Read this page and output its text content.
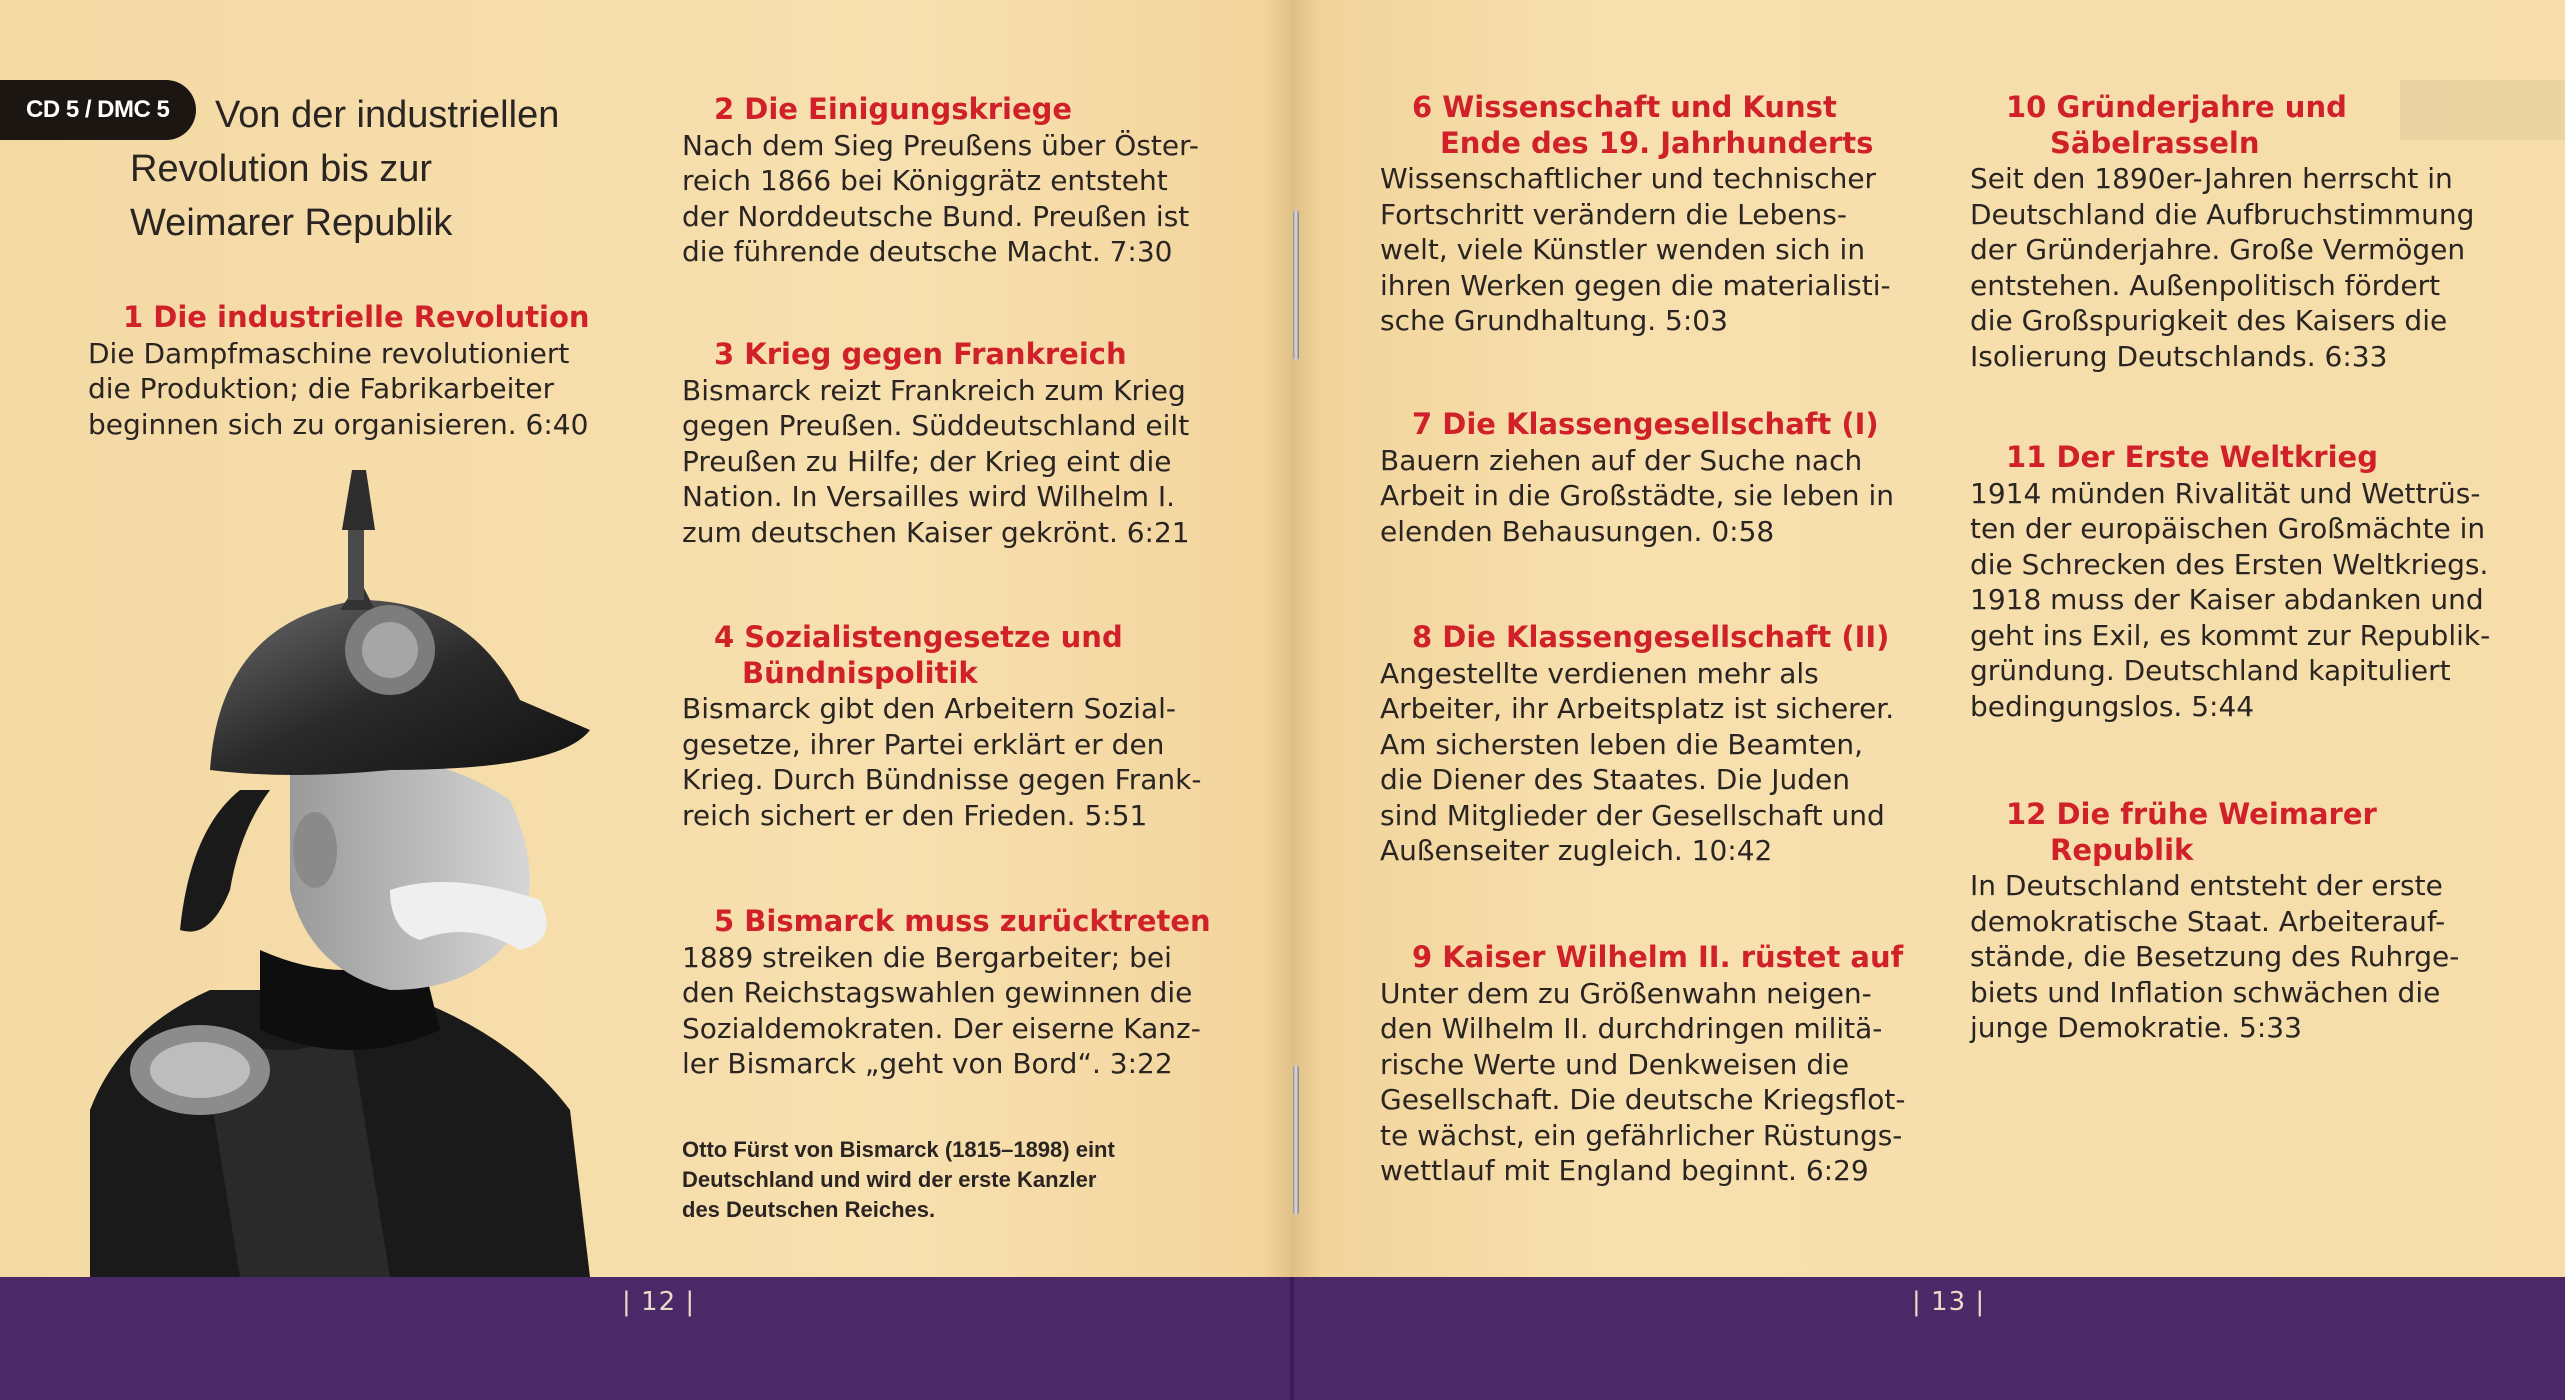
CD 5 / DMC 5	Von der industriellen
Revolution bis zur
Weimarer Republik
Otto Fürst von Bismarck (1815–1898) eint
Deutschland und wird der erste Kanzler
des Deutschen Reiches.
1 Die industrielle Revolution
Die Dampfmaschine revolutioniert
die Produktion; die Fabrikarbeiter
beginnen sich zu organisieren. 6:40
2 Die Einigungskriege
Nach dem Sieg Preußens über Öster-
reich 1866 bei Königgrätz entsteht
der Norddeutsche Bund. Preußen ist
die führende deutsche Macht. 7:30
3 Krieg gegen Frankreich
Bismarck reizt Frankreich zum Krieg
gegen Preußen. Süddeutschland eilt
Preußen zu Hilfe; der Krieg eint die
Nation. In Versailles wird Wilhelm I.
zum deutschen Kaiser gekrönt. 6:21
4 Sozialistengesetze und
Bündnispolitik
Bismarck gibt den Arbeitern Sozial-
gesetze, ihrer Partei erklärt er den
Krieg. Durch Bündnisse gegen Frank-
reich sichert er den Frieden. 5:51
5 Bismarck muss zurücktreten
1889 streiken die Bergarbeiter; bei
den Reichstagswahlen gewinnen die
Sozialdemokraten. Der eiserne Kanz-
ler Bismarck „geht von Bord“. 3:22
6 Wissenschaft und Kunst
Ende des 19. Jahrhunderts
Wissenschaftlicher und technischer
Fortschritt verändern die Lebens-
welt, viele Künstler wenden sich in
ihren Werken gegen die materialisti-
sche Grundhaltung. 5:03
7 Die Klassengesellschaft (I)
Bauern ziehen auf der Suche nach
Arbeit in die Großstädte, sie leben in
elenden Behausungen. 0:58
8 Die Klassengesellschaft (II)
Angestellte verdienen mehr als
Arbeiter, ihr Arbeitsplatz ist sicherer.
Am sichersten leben die Beamten,
die Diener des Staates. Die Juden
sind Mitglieder der Gesellschaft und
Außenseiter zugleich. 10:42
9 Kaiser Wilhelm II. rüstet auf
Unter dem zu Größenwahn neigen-
den Wilhelm II. durchdringen militä-
rische Werte und Denkweisen die
Gesellschaft. Die deutsche Kriegsflot-
te wächst, ein gefährlicher Rüstungs-
wettlauf mit England beginnt. 6:29
10 Gründerjahre und
Säbelrasseln
Seit den 1890er-Jahren herrscht in
Deutschland die Aufbruchstimmung
der Gründerjahre. Große Vermögen
entstehen. Außenpolitisch fördert
die Großspurigkeit des Kaisers die
Isolierung Deutschlands. 6:33
11 Der Erste Weltkrieg
1914 münden Rivalität und Wettrüs-
ten der europäischen Großmächte in
die Schrecken des Ersten Weltkriegs.
1918 muss der Kaiser abdanken und
geht ins Exil, es kommt zur Republik-
gründung. Deutschland kapituliert
bedingungslos. 5:44
12 Die frühe Weimarer
Republik
In Deutschland entsteht der erste
demokratische Staat. Arbeiterauf-
stände, die Besetzung des Ruhrge-
biets und Inflation schwächen die
junge Demokratie. 5:33
| 12 |	| 13 |
